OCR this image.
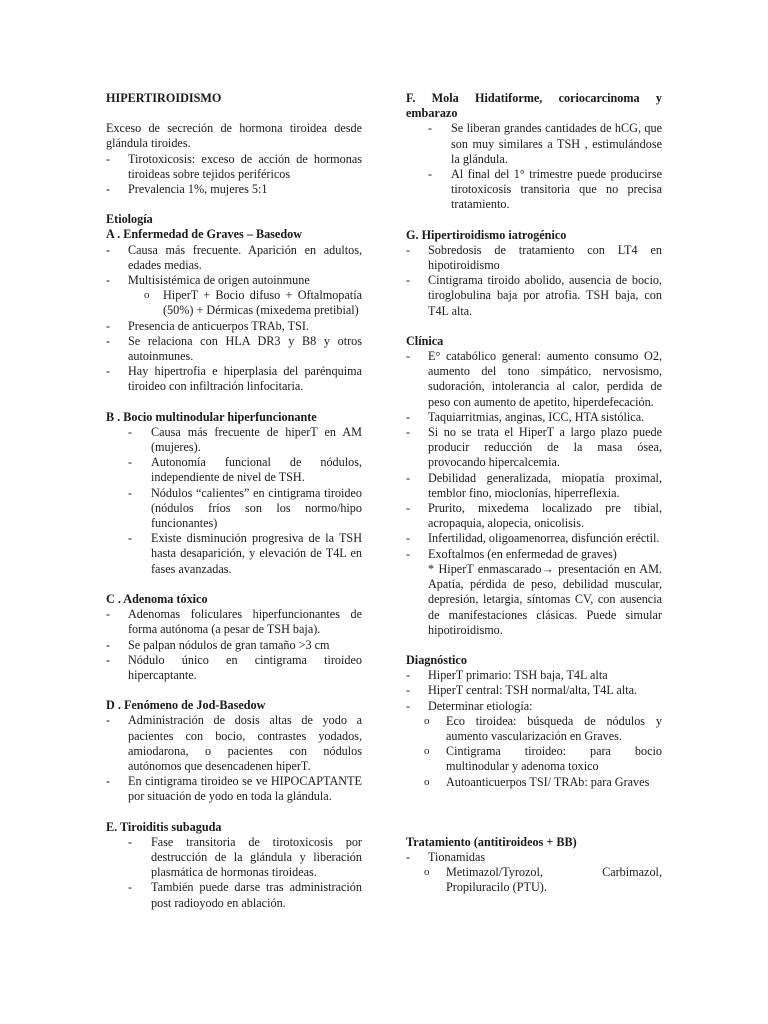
HIPERTIROIDISMO

Exceso de secreción de hormona tiroidea desde glándula tiroides.

- Tirotoxicosis: exceso de acción de hormonas tiroideas sobre tejidos periféricos
- Prevalencia 1%, mujeres 5:1
Etiología
A . Enfermedad de Graves – Basedow
- Causa más frecuente. Aparición en adultos, edades medias.
- Multisistémica de origen autoinmune
o HiperT + Bocio difuso + Oftalmopatía (50%) + Dérmicas (mixedema pretibial)
- Presencia de anticuerpos TRAb, TSI.
- Se relaciona con HLA DR3 y B8 y otros autoinmunes.
- Hay hipertrofia e hiperplasia del parénquima tiroideo con infiltración linfocitaria.
B . Bocio multinodular hiperfuncionante
- Causa más frecuente de hiperT en AM (mujeres).
- Autonomía funcional de nódulos, independiente de nivel de TSH.
- Nódulos “calientes” en cintigrama tiroideo (nódulos fríos son los normo/hipo funcionantes)
- Existe disminución progresiva de la TSH hasta desaparición, y elevación de T4L en fases avanzadas.
C . Adenoma tóxico
- Adenomas foliculares hiperfuncionantes de forma autónoma (a pesar de TSH baja).
- Se palpan nódulos de gran tamaño >3 cm
- Nódulo único en cintigrama tiroideo hipercaptante.
D . Fenómeno de Jod-Basedow
- Administración de dosis altas de yodo a pacientes con bocio, contrastes yodados, amiodarona, o pacientes con nódulos autónomos que desencadenen hiperT.
- En cintigrama tiroideo se ve HIPOCAPTANTE por situación de yodo en toda la glándula.
E. Tiroiditis subaguda
- Fase transitoria de tirotoxicosis por destrucción de la glándula y liberación plasmática de hormonas tiroideas.
- También puede darse tras administración post radioyodo en ablación.
F. Mola Hidatiforme, coriocarcinoma y embarazo
- Se liberan grandes cantidades de hCG, que son muy similares a TSH , estimulándose la glándula.
- Al final del 1° trimestre puede producirse tirotoxicosis transitoria que no precisa tratamiento.
G. Hipertiroidismo iatrogénico
- Sobredosis de tratamiento con LT4 en hipotiroidismo
- Cintigrama tiroido abolido, ausencia de bocio, tiroglobulina baja por atrofia. TSH baja, con T4L alta.
Clínica
- E° catabólico general: aumento consumo O2, aumento del tono simpático, nervosismo, sudoración, intolerancia al calor, perdida de peso con aumento de apetito, hiperdefecación.
- Taquiarritmias, anginas, ICC, HTA sistólica.
- Si no se trata el HiperT a largo plazo puede producir reducción de la masa ósea, provocando hipercalcemia.
- Debilidad generalizada, miopatía proximal, temblor fino, mioclonías, hiperreflexia.
- Prurito, mixedema localizado pre tibial, acropaquia, alopecia, onicolisis.
- Infertilidad, oligoamenorrea, disfunción eréctil.
- Exoftalmos (en enfermedad de graves)

* HiperT enmascarado→ presentación en AM. Apatía, pérdida de peso, debilidad muscular, depresión, letargia, síntomas CV, con ausencia de manifestaciones clásicas. Puede simular hipotiroidismo.

Diagnóstico
- HiperT primario: TSH baja, T4L alta
- HiperT central: TSH normal/alta, T4L alta.
- Determinar etiología:
o Eco tiroidea: búsqueda de nódulos y aumento vascularización en Graves.
o Cintigrama tiroideo: para bocio multinodular y adenoma toxico
o Autoanticuerpos TSI/ TRAb: para Graves
Tratamiento (antitiroideos + BB)
- Tionamidas
o Metimazol/Tyrozol, Carbimazol, Propiluracilo (PTU).
